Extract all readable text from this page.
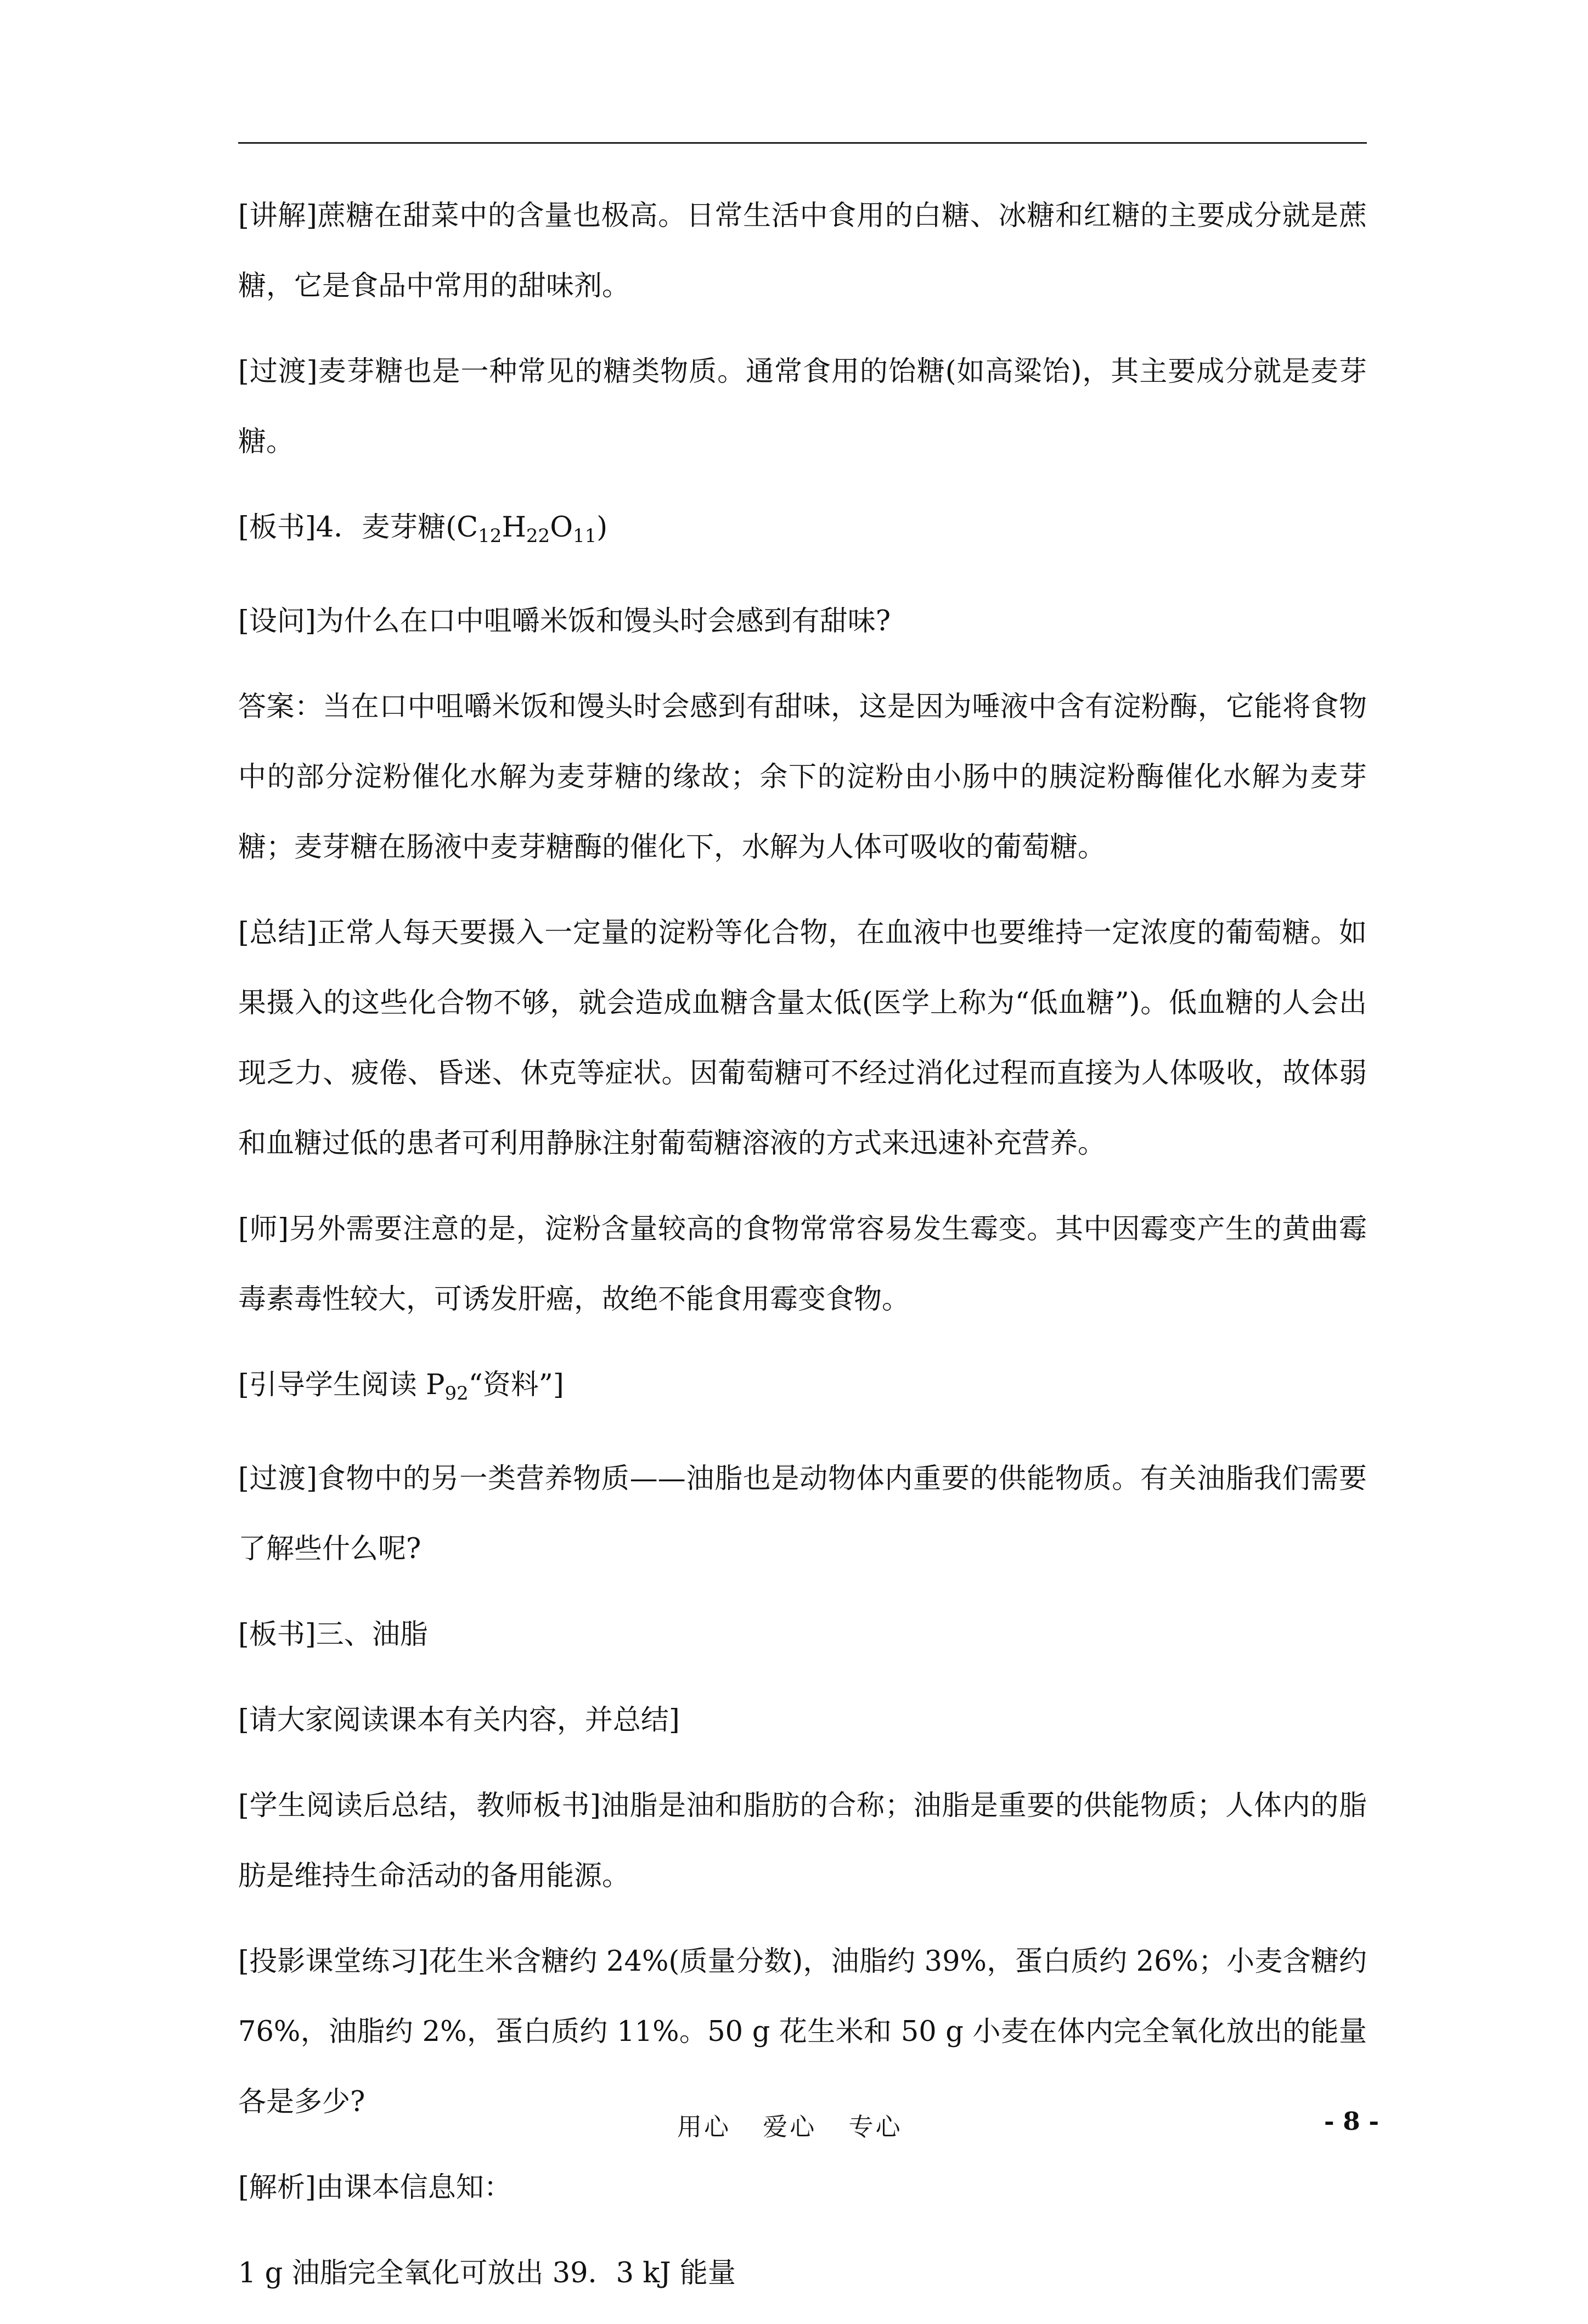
[讲解]蔗糖在甜菜中的含量也极高。日常生活中食用的白糖、冰糖和红糖的主要成分就是蔗糖，它是食品中常用的甜味剂。

[过渡]麦芽糖也是一种常见的糖类物质。通常食用的饴糖(如高粱饴)，其主要成分就是麦芽糖。

[板书]4．麦芽糖$(C_{12}H_{22}O_{11})$

[设问]为什么在口中咀嚼米饭和馒头时会感到有甜味?

答案：当在口中咀嚼米饭和馒头时会感到有甜味，这是因为唾液中含有淀粉酶，它能将食物中的部分淀粉催化水解为麦芽糖的缘故；余下的淀粉由小肠中的胰淀粉酶催化水解为麦芽糖；麦芽糖在肠液中麦芽糖酶的催化下，水解为人体可吸收的葡萄糖。

[总结]正常人每天要摄入一定量的淀粉等化合物，在血液中也要维持一定浓度的葡萄糖。如果摄入的这些化合物不够，就会造成血糖含量太低(医学上称为“低血糖”)。低血糖的人会出现乏力、疲倦、昏迷、休克等症状。因葡萄糖可不经过消化过程而直接为人体吸收，故体弱和血糖过低的患者可利用静脉注射葡萄糖溶液的方式来迅速补充营养。

[师]另外需要注意的是，淀粉含量较高的食物常常容易发生霉变。其中因霉变产生的黄曲霉毒素毒性较大，可诱发肝癌，故绝不能食用霉变食物。

[引导学生阅读 $P_{92}“$资料”]

[过渡]食物中的另一类营养物质——油脂也是动物体内重要的供能物质。有关油脂我们需要了解些什么呢?

[板书]三、油脂

[请大家阅读课本有关内容，并总结]

[学生阅读后总结，教师板书]油脂是油和脂肪的合称；油脂是重要的供能物质；人体内的脂肪是维持生命活动的备用能源。

[投影课堂练习]花生米含糖约 24%(质量分数)，油脂约 39%，蛋白质约 26%；小麦含糖约 76%，油脂约 2%，蛋白质约 11%。50 g 花生米和 50 g 小麦在体内完全氧化放出的能量各是多少?

[解析]由课本信息知：

1 g 油脂完全氧化可放出 39．3 kJ 能量

用心 爱心 专心	- 8 -
